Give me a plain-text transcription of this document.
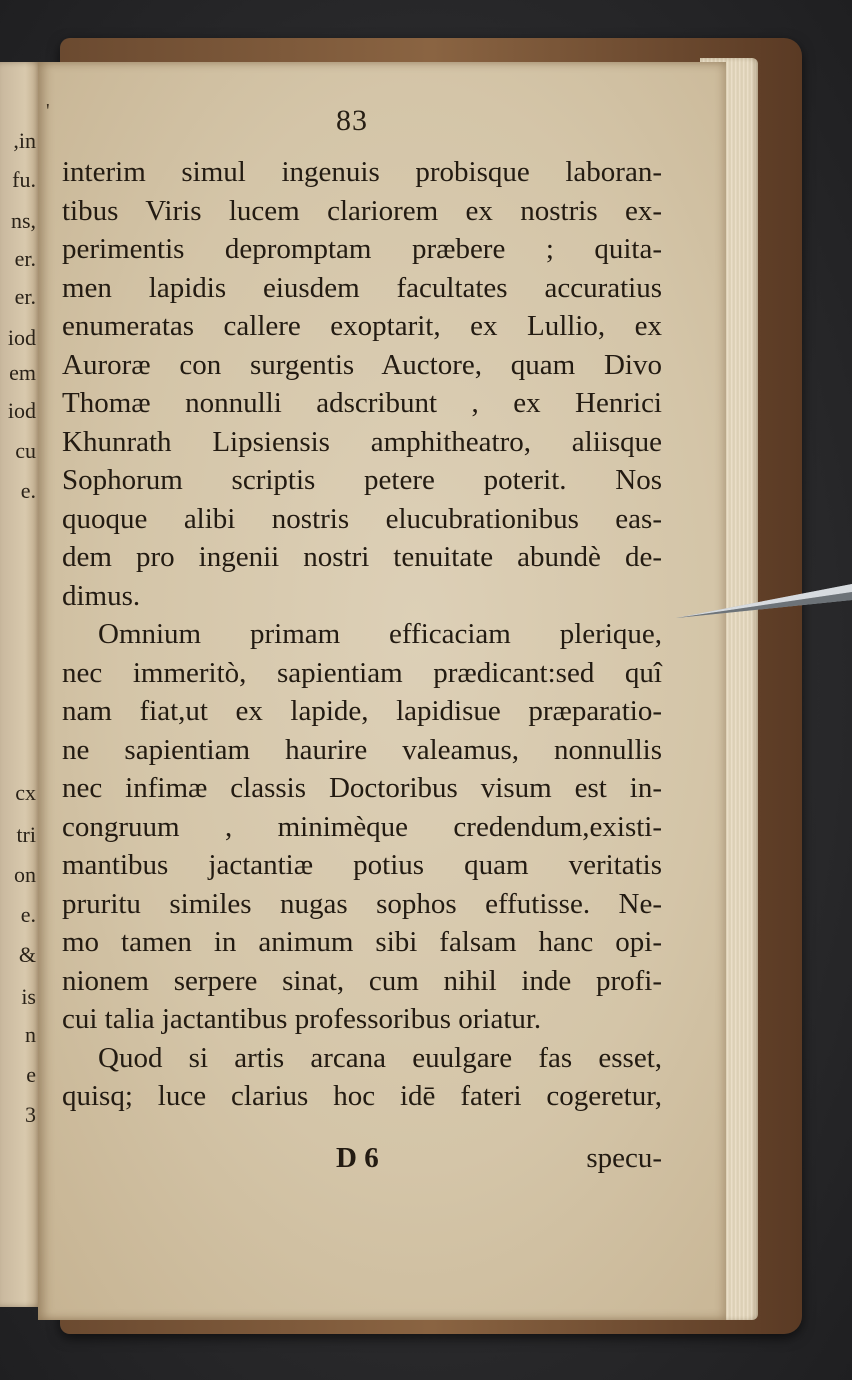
,in
fu.
ns,
er.
er.
iod
em
iod
cu
e.
cx
tri
on
e.
&
is
n
e
3
'	83
interim simul ingenuis probisque laboran-
tibus Viris lucem clariorem ex nostris ex-
perimentis depromptam præbere ; quita-
men lapidis eiusdem facultates accuratius
enumeratas callere exoptarit, ex Lullio, ex
Auroræ con surgentis Auctore, quam Divo
Thomæ nonnulli adscribunt , ex Henrici
Khunrath Lipsiensis amphitheatro, aliisque
Sophorum scriptis petere poterit. Nos
quoque alibi nostris elucubrationibus eas-
dem pro ingenii nostri tenuitate abundè de-
dimus.
Omnium primam efficaciam plerique,
nec immeritò, sapientiam prædicant:sed quî
nam fiat,ut ex lapide, lapidisue præparatio-
ne sapientiam haurire valeamus, nonnullis
nec infimæ classis Doctoribus visum est in-
congruum , minimèque credendum,existi-
mantibus jactantiæ potius quam veritatis
pruritu similes nugas sophos effutisse. Ne-
mo tamen in animum sibi falsam hanc opi-
nionem serpere sinat, cum nihil inde profi-
cui talia jactantibus professoribus oriatur.
Quod si artis arcana euulgare fas esset,
quisq; luce clarius hoc idē fateri cogeretur,
D 6	specu-
